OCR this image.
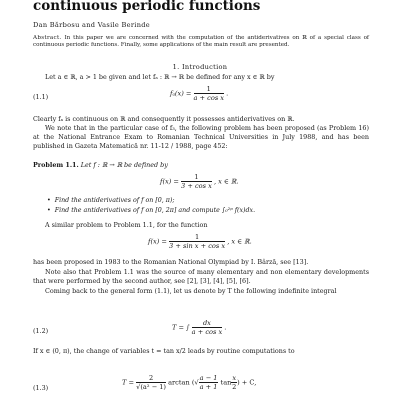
continuous periodic functions
Dan Bărbosu and Vasile Berinde
Abstract. In this paper we are concerned with the computation of the antiderivatives on ℝ of a special class of continuous periodic functions. Finally, some applications of the main result are presented.
1. Introduction
Let a ∈ ℝ, a > 1 be given and let fₐ : ℝ → ℝ be defined for any x ∈ ℝ by
(1.1)	$f_a(x) = \frac{1}{\text{a + cos x}}$ .
Clearly fₐ is continuous on ℝ and consequently it possesses antiderivatives on ℝ.
We note that in the particular case of f₃, the following problem has been proposed (as Problem 16) at the National Entrance Exam to Romanian Technical Universities in July 1988, and has been published in Gazeta Matematică nr. 11-12 / 1988, page 452:
Problem 1.1. Let f : ℝ → ℝ be defined by
$f(x) = \frac{1}{\text{3 + cos x}}$ , x ∈ ℝ.
• Find the antiderivatives of f on [0, π);
• Find the antiderivatives of f on [0, 2π] and compute ∫₀²ᵖ f(x)dx.
A similar problem to Problem 1.1, for the function
$f(x) = \frac{1}{\text{3 + sin x + cos x}}$ , x ∈ ℝ.
has been proposed in 1983 to the Romanian National Olympiad by I. Bârză, see [13].
Note also that Problem 1.1 was the source of many elementary and non elementary developments that were performed by the second author, see [2], [3], [4], [5], [6].
Coming back to the general form (1.1), let us denote by T the following indefinite integral
(1.2)	T = ∫ $\frac{dx}{\text{a + cos x}}$ .
If x ∈ (0, π), the change of variables t = tan x/2 leads by routine computations to
(1.3)
$T = \frac{2}{\text{√(a² − 1)}}$ arctan (√ $\frac{a - 1}{a + 1}$ $\tan \frac{x}{2}$ ) + C,
